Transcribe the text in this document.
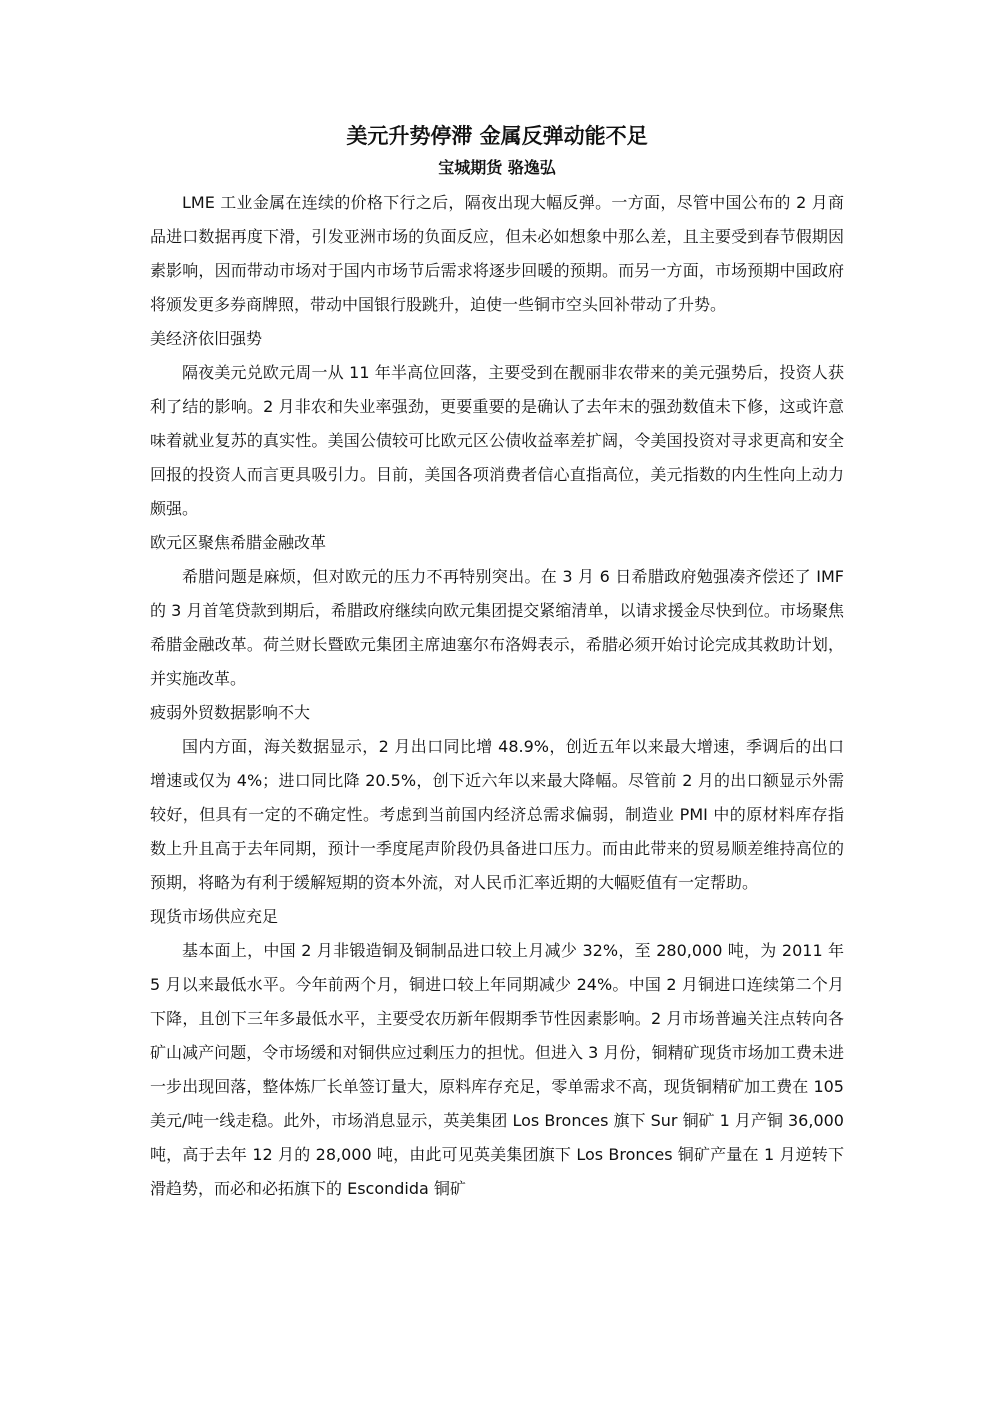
美元升势停滞 金属反弹动能不足
宝城期货 骆逸弘

LME 工业金属在连续的价格下行之后，隔夜出现大幅反弹。一方面，尽管中国公布的 2 月商品进口数据再度下滑，引发亚洲市场的负面反应，但未必如想象中那么差，且主要受到春节假期因素影响，因而带动市场对于国内市场节后需求将逐步回暖的预期。而另一方面，市场预期中国政府将颁发更多券商牌照，带动中国银行股跳升，迫使一些铜市空头回补带动了升势。

美经济依旧强势

隔夜美元兑欧元周一从 11 年半高位回落，主要受到在靓丽非农带来的美元强势后，投资人获利了结的影响。2 月非农和失业率强劲，更要重要的是确认了去年末的强劲数值未下修，这或许意味着就业复苏的真实性。美国公债较可比欧元区公债收益率差扩阔，令美国投资对寻求更高和安全回报的投资人而言更具吸引力。目前，美国各项消费者信心直指高位，美元指数的内生性向上动力颇强。

欧元区聚焦希腊金融改革

希腊问题是麻烦，但对欧元的压力不再特别突出。在 3 月 6 日希腊政府勉强凑齐偿还了 IMF 的 3 月首笔贷款到期后，希腊政府继续向欧元集团提交紧缩清单，以请求援金尽快到位。市场聚焦希腊金融改革。荷兰财长暨欧元集团主席迪塞尔布洛姆表示，希腊必须开始讨论完成其救助计划，并实施改革。

疲弱外贸数据影响不大

国内方面，海关数据显示，2 月出口同比增 48.9%，创近五年以来最大增速，季调后的出口增速或仅为 4%；进口同比降 20.5%，创下近六年以来最大降幅。尽管前 2 月的出口额显示外需较好，但具有一定的不确定性。考虑到当前国内经济总需求偏弱，制造业 PMI 中的原材料库存指数上升且高于去年同期，预计一季度尾声阶段仍具备进口压力。而由此带来的贸易顺差维持高位的预期，将略为有利于缓解短期的资本外流，对人民币汇率近期的大幅贬值有一定帮助。

现货市场供应充足

基本面上，中国 2 月非锻造铜及铜制品进口较上月减少 32%，至 280,000 吨，为 2011 年 5 月以来最低水平。今年前两个月，铜进口较上年同期减少 24%。中国 2 月铜进口连续第二个月下降，且创下三年多最低水平，主要受农历新年假期季节性因素影响。2 月市场普遍关注点转向各矿山减产问题，令市场缓和对铜供应过剩压力的担忧。但进入 3 月份，铜精矿现货市场加工费未进一步出现回落，整体炼厂长单签订量大，原料库存充足，零单需求不高，现货铜精矿加工费在 105 美元/吨一线走稳。此外，市场消息显示，英美集团 Los Bronces 旗下 Sur 铜矿 1 月产铜 36,000 吨，高于去年 12 月的 28,000 吨，由此可见英美集团旗下 Los Bronces 铜矿产量在 1 月逆转下滑趋势，而必和必拓旗下的 Escondida 铜矿
